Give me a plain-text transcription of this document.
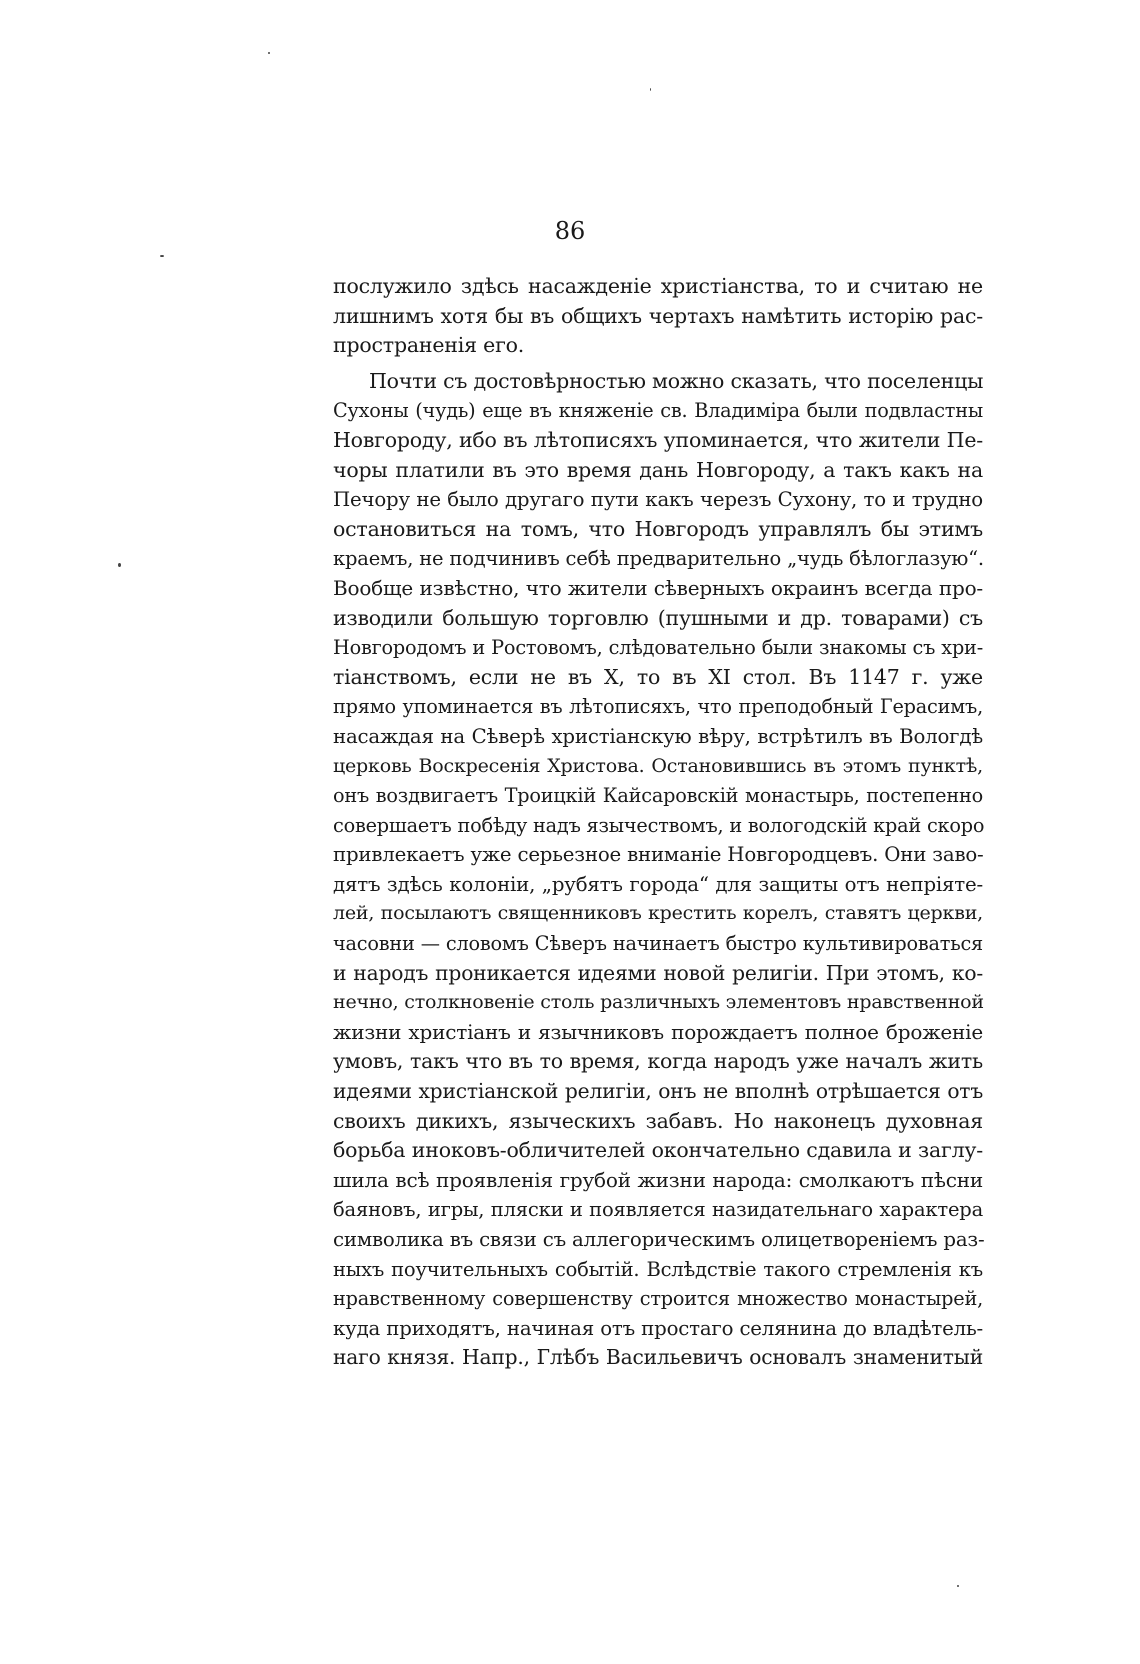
86
послужило здѣсь насажденіе христіанства, то и считаю не
лишнимъ хотя бы въ общихъ чертахъ намѣтить исторію рас-
пространенія его.
Почти съ достовѣрностью можно сказать, что поселенцы
Сухоны (чудь) еще въ княженіе св. Владиміра были подвластны
Новгороду, ибо въ лѣтописяхъ упоминается, что жители Пе-
чоры платили въ это время дань Новгороду, а такъ какъ на
Печору не было другаго пути какъ черезъ Сухону, то и трудно
остановиться на томъ, что Новгородъ управлялъ бы этимъ
краемъ, не подчинивъ себѣ предварительно „чудь бѣлоглазую“.
Вообще извѣстно, что жители сѣверныхъ окраинъ всегда про-
изводили большую торговлю (пушными и др. товарами) съ
Новгородомъ и Ростовомъ, слѣдовательно были знакомы съ хри-
тіанствомъ, если не въ X, то въ XI стол. Въ 1147 г. уже
прямо упоминается въ лѣтописяхъ, что преподобный Герасимъ,
насаждая на Сѣверѣ христіанскую вѣру, встрѣтилъ въ Вологдѣ
церковь Воскресенія Христова. Остановившись въ этомъ пунктѣ,
онъ воздвигаетъ Троицкій Кайсаровскій монастырь, постепенно
совершаетъ побѣду надъ язычествомъ, и вологодскій край скоро
привлекаетъ уже серьезное вниманіе Новгородцевъ. Они заво-
дятъ здѣсь колоніи, „рубятъ города“ для защиты отъ непріяте-
лей, посылаютъ священниковъ крестить корелъ, ставятъ церкви,
часовни — словомъ Сѣверъ начинаетъ быстро культивироваться
и народъ проникается идеями новой религіи. При этомъ, ко-
нечно, столкновеніе столь различныхъ элементовъ нравственной
жизни христіанъ и язычниковъ порождаетъ полное броженіе
умовъ, такъ что въ то время, когда народъ уже началъ жить
идеями христіанской религіи, онъ не вполнѣ отрѣшается отъ
своихъ дикихъ, языческихъ забавъ. Но наконецъ духовная
борьба иноковъ-обличителей окончательно сдавила и заглу-
шила всѣ проявленія грубой жизни народа: смолкаютъ пѣсни
баяновъ, игры, пляски и появляется назидательнаго характера
символика въ связи съ аллегорическимъ олицетвореніемъ раз-
ныхъ поучительныхъ событій. Вслѣдствіе такого стремленія къ
нравственному совершенству строится множество монастырей,
куда приходятъ, начиная отъ простаго селянина до владѣтель-
наго князя. Напр., Глѣбъ Васильевичъ основалъ знаменитый
